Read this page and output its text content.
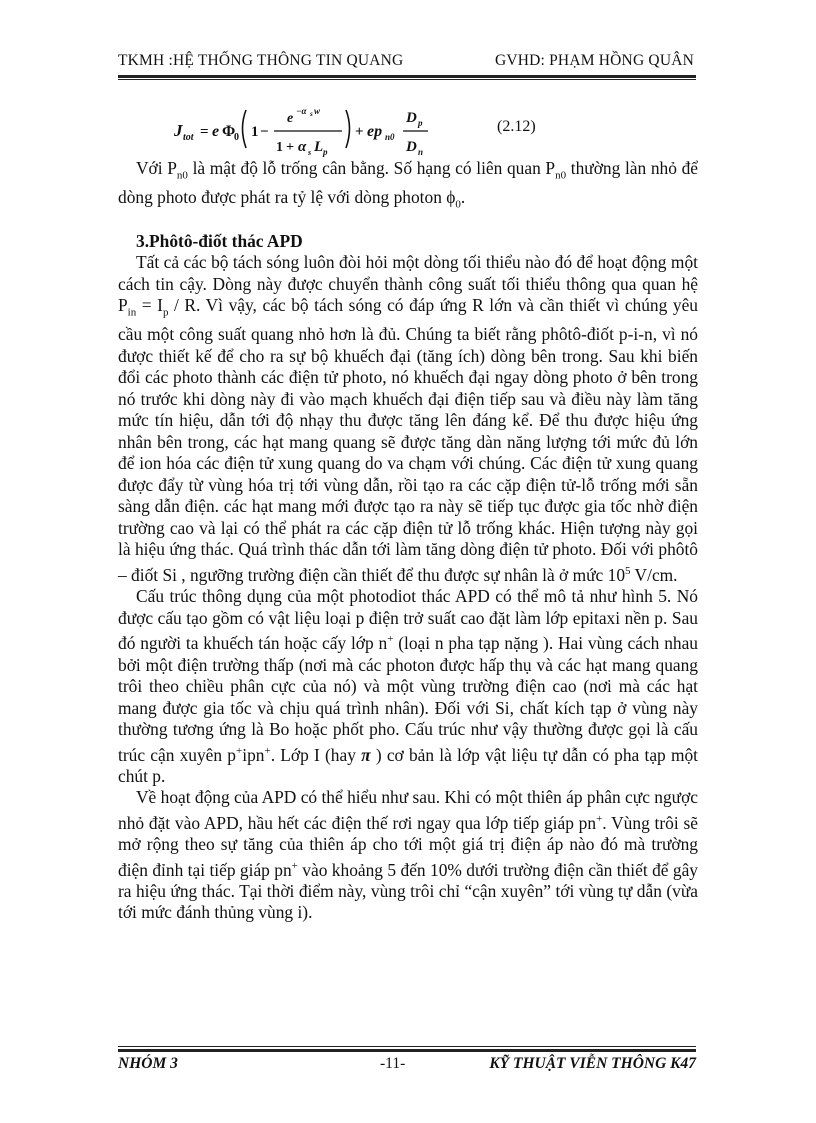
TKMH :HỆ THỐNG THÔNG TIN QUANG	GVHD: PHẠM HỒNG QUÂN
J tot = e Φ
0 1 −
e −α s w
1 + α s L p
+ ep n0
D p
D n
(2.12)

Với $P_{n0}$ là mật độ lỗ trống cân bằng. Số hạng có liên quan $P_{n0}$ thường làn nhỏ để dòng photo được phát ra tỷ lệ với dòng photon $\phi_0$.

3.Phôtô-điốt thác APD

Tất cả các bộ tách sóng luôn đòi hỏi một dòng tối thiểu nào đó để hoạt động một cách tin cậy. Dòng này được chuyển thành công suất tối thiểu thông qua quan hệ $P_{in} = I_p / R$. Vì vậy, các bộ tách sóng có đáp ứng R lớn và cần thiết vì chúng yêu cầu một công suất quang nhỏ hơn là đủ. Chúng ta biết rằng phôtô-điốt p-i-n, vì nó được thiết kế để cho ra sự bộ khuếch đại (tăng ích) dòng bên trong. Sau khi biến đổi các photo thành các điện tử photo, nó khuếch đại ngay dòng photo ở bên trong nó trước khi dòng này đi vào mạch khuếch đại điện tiếp sau và điều này làm tăng mức tín hiệu, dẫn tới độ nhạy thu được tăng lên đáng kể. Để thu được hiệu ứng nhân bên trong, các hạt mang quang sẽ được tăng dàn năng lượng tới mức đủ lớn để ion hóa các điện tử xung quang do va chạm với chúng. Các điện tử xung quang được đẩy từ vùng hóa trị tới vùng dẫn, rồi tạo ra các cặp điện tử-lỗ trống mới sẵn sàng dẫn điện. các hạt mang mới được tạo ra này sẽ tiếp tục được gia tốc nhờ điện trường cao và lại có thể phát ra các cặp điện tử lỗ trống khác. Hiện tượng này gọi là hiệu ứng thác. Quá trình thác dẫn tới làm tăng dòng điện tử photo. Đối với phôtô – điốt Si , ngưỡng trường điện cần thiết để thu được sự nhân là ở mức $10^5$ V/cm.

Cấu trúc thông dụng của một photodiot thác APD có thể mô tả như hình 5. Nó được cấu tạo gồm có vật liệu loại p điện trở suất cao đặt làm lớp epitaxi nền p. Sau đó người ta khuếch tán hoặc cấy lớp n+ (loại n pha tạp nặng ). Hai vùng cách nhau bởi một điện trường thấp (nơi mà các photon được hấp thụ và các hạt mang quang trôi theo chiều phân cực của nó) và một vùng trường điện cao (nơi mà các hạt mang được gia tốc và chịu quá trình nhân). Đối với Si, chất kích tạp ở vùng này thường tương ứng là Bo hoặc phốt pho. Cấu trúc như vậy thường được gọi là cấu trúc cận xuyên p+ipn+. Lớp I (hay π ) cơ bản là lớp vật liệu tự dẫn có pha tạp một chút p.

Về hoạt động của APD có thể hiểu như sau. Khi có một thiên áp phân cực ngược nhỏ đặt vào APD, hầu hết các điện thế rơi ngay qua lớp tiếp giáp pn+. Vùng trôi sẽ mở rộng theo sự tăng của thiên áp cho tới một giá trị điện áp nào đó mà trường điện đỉnh tại tiếp giáp pn+ vào khoảng 5 đến 10% dưới trường điện cần thiết để gây ra hiệu ứng thác. Tại thời điểm này, vùng trôi chỉ “cận xuyên” tới vùng tự dẫn (vừa tới mức đánh thủng vùng i).

NHÓM 3	-11-	KỸ THUẬT VIỄN THÔNG K47
